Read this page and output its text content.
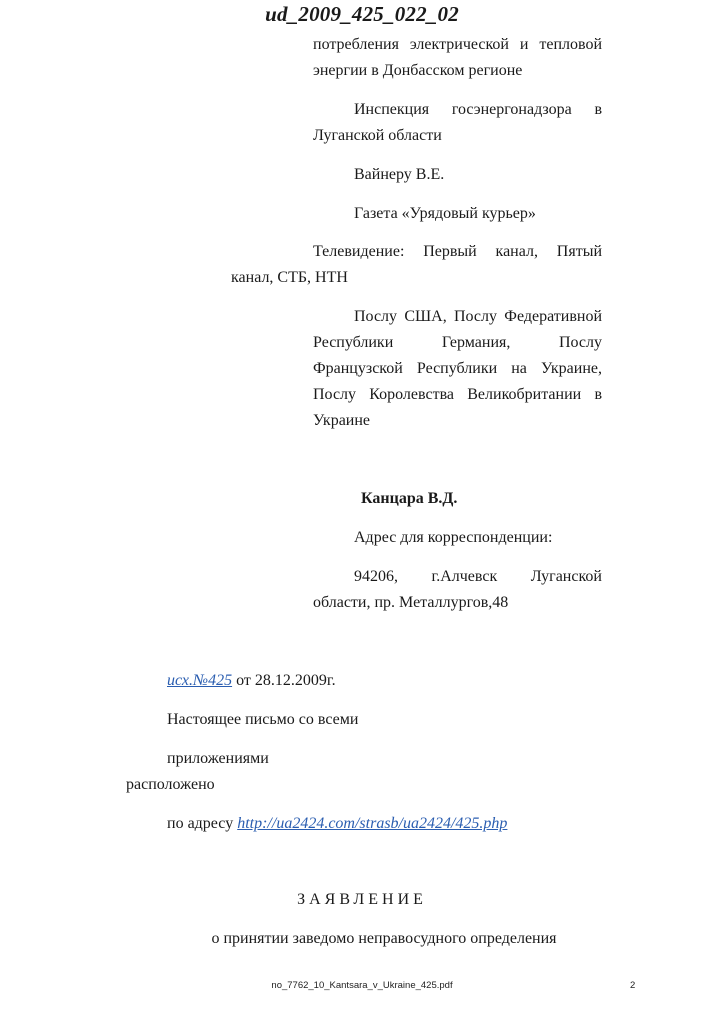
ud_2009_425_022_02
потребления электрической и тепловой
энергии в Донбасском регионе
Инспекция госэнергонадзора в
Луганской области
Вайнеру В.Е.
Газета «Урядовый курьер»
Телевидение: Первый канал, Пятый
канал, СТБ, НТН
Послу США, Послу Федеративной
Республики Германия, Послу
Французской Республики на Украине,
Послу Королевства Великобритании в
Украине
Канцара В.Д.
Адрес для корреспонденции:
94206, г.Алчевск Луганской
области, пр. Металлургов,48
исх.№425 от 28.12.2009г.
Настоящее письмо со всеми
приложениями
расположено
по адресу http://ua2424.com/strasb/ua2424/425.php
ЗАЯВЛЕНИЕ
о принятии заведомо неправосудного определения
no_7762_10_Kantsara_v_Ukraine_425.pdf	2
